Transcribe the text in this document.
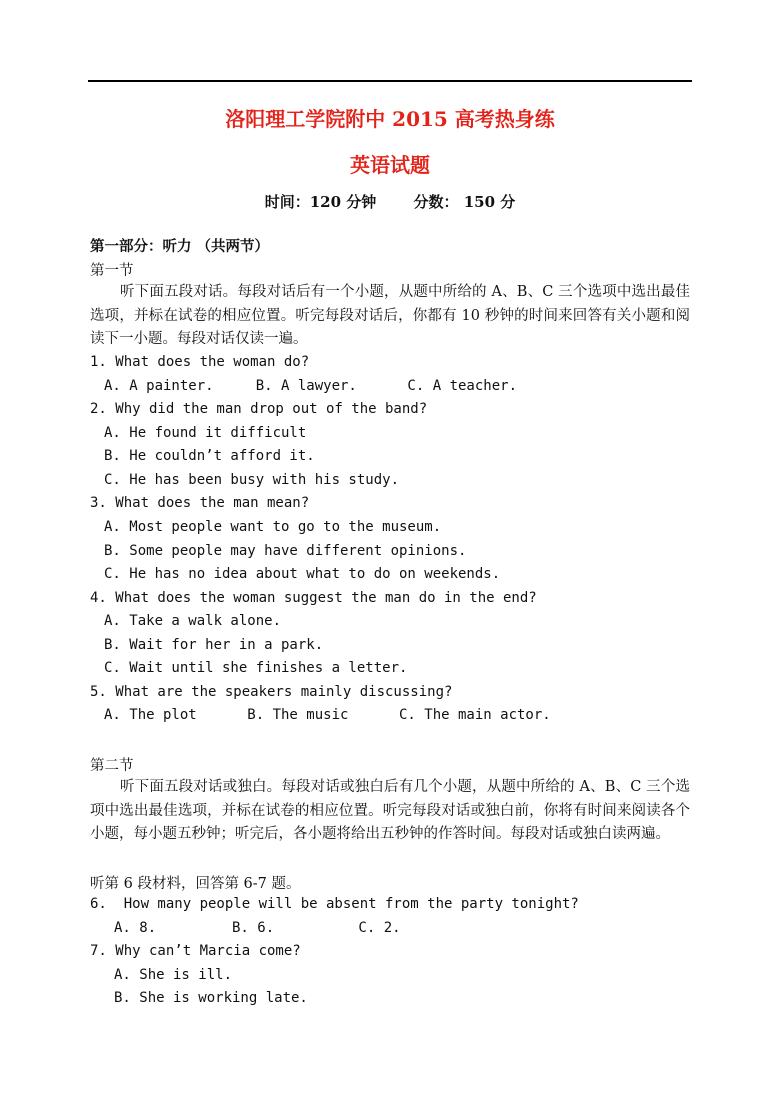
洛阳理工学院附中 2015 高考热身练
英语试题
时间：120 分钟 分数： 150 分
第一部分：听力 （共两节）
第一节
听下面五段对话。每段对话后有一个小题，从题中所给的 A、B、C 三个选项中选出最佳选项，并标在试卷的相应位置。听完每段对话后，你都有 10 秒钟的时间来回答有关小题和阅读下一小题。每段对话仅读一遍。
1. What does the woman do?
A. A painter.     B. A lawyer.      C. A teacher.
2. Why did the man drop out of the band?
A. He found it difficult
B. He couldn’t afford it.
C. He has been busy with his study.
3. What does the man mean?
A. Most people want to go to the museum.
B. Some people may have different opinions.
C. He has no idea about what to do on weekends.
4. What does the woman suggest the man do in the end?
A. Take a walk alone.
B. Wait for her in a park.
C. Wait until she finishes a letter.
5. What are the speakers mainly discussing?
A. The plot      B. The music      C. The main actor.
第二节
听下面五段对话或独白。每段对话或独白后有几个小题，从题中所给的 A、B、C 三个选项中选出最佳选项，并标在试卷的相应位置。听完每段对话或独白前，你将有时间来阅读各个小题，每小题五秒钟；听完后，各小题将给出五秒钟的作答时间。每段对话或独白读两遍。
听第 6 段材料，回答第 6-7 题。
6.  How many people will be absent from the party tonight?
A. 8.         B. 6.          C. 2.
7. Why can’t Marcia come?
A. She is ill.
B. She is working late.
